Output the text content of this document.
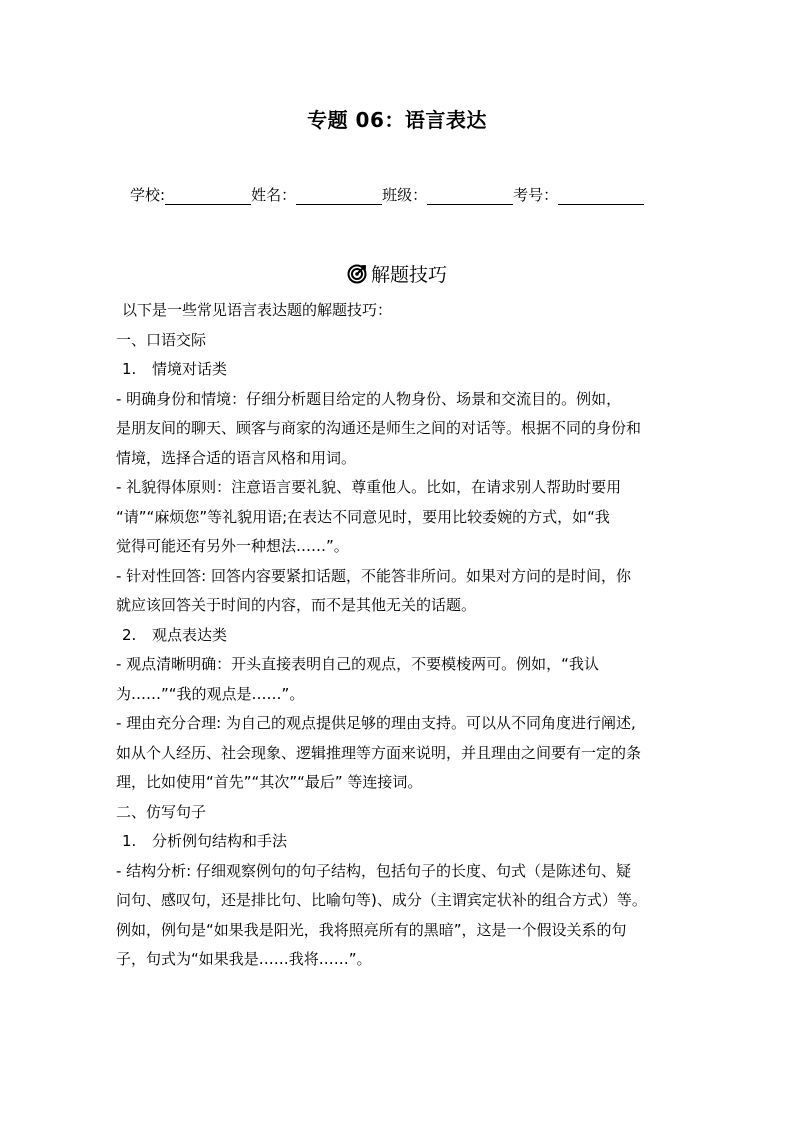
专题 06：语言表达
学校:	姓名：	班级：	考号：
解题技巧

以下是一些常见语言表达题的解题技巧：

一、口语交际

1. 情境对话类

- 明确身份和情境：仔细分析题目给定的人物身份、场景和交流目的。例如，

是朋友间的聊天、顾客与商家的沟通还是师生之间的对话等。根据不同的身份和

情境，选择合适的语言风格和用词。

- 礼貌得体原则：注意语言要礼貌、尊重他人。比如，在请求别人帮助时要用

“请”“麻烦您”等礼貌用语;在表达不同意见时，要用比较委婉的方式，如“我

觉得可能还有另外一种想法……”。

- 针对性回答: 回答内容要紧扣话题，不能答非所问。如果对方问的是时间，你

就应该回答关于时间的内容，而不是其他无关的话题。

2. 观点表达类

- 观点清晰明确：开头直接表明自己的观点，不要模棱两可。例如，“我认

为……”“我的观点是……”。

- 理由充分合理: 为自己的观点提供足够的理由支持。可以从不同角度进行阐述,

如从个人经历、社会现象、逻辑推理等方面来说明，并且理由之间要有一定的条

理，比如使用“首先”“其次”“最后” 等连接词。

二、仿写句子

1. 分析例句结构和手法

- 结构分析: 仔细观察例句的句子结构，包括句子的长度、句式（是陈述句、疑

问句、感叹句，还是排比句、比喻句等)、成分（主谓宾定状补的组合方式）等。

例如，例句是“如果我是阳光，我将照亮所有的黑暗”，这是一个假设关系的句

子，句式为“如果我是……我将……”。
